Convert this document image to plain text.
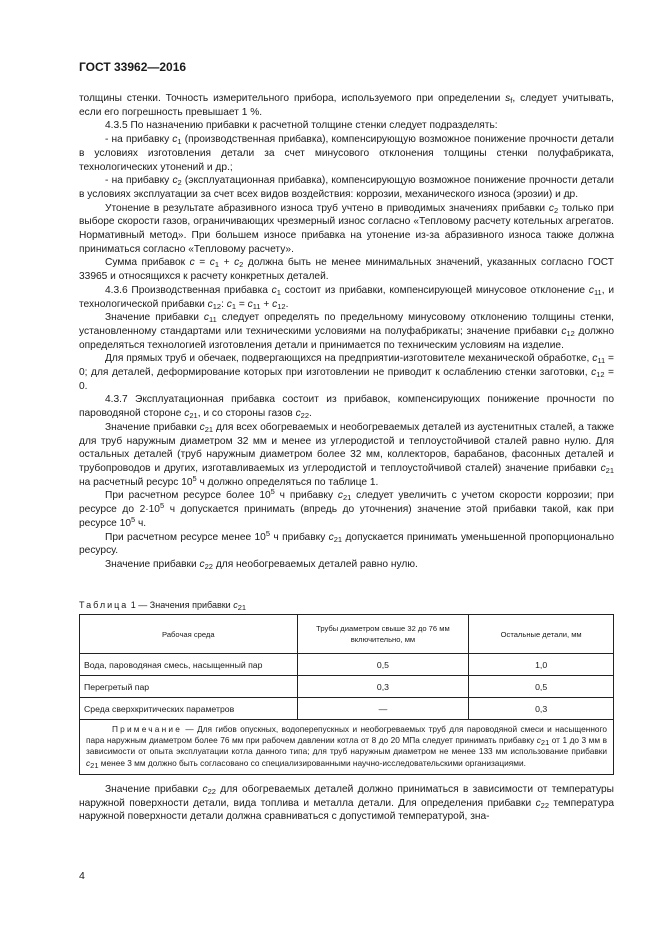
ГОСТ 33962—2016

толщины стенки. Точность измерительного прибора, используемого при определении $s_f$, следует учитывать, если его погрешность превышает 1 %.

4.3.5 По назначению прибавки к расчетной толщине стенки следует подразделять:

- на прибавку $c_1$ (производственная прибавка), компенсирующую возможное понижение прочности детали в условиях изготовления детали за счет минусового отклонения толщины стенки полуфабриката, технологических утонений и др.;

- на прибавку $c_2$ (эксплуатационная прибавка), компенсирующую возможное понижение прочности детали в условиях эксплуатации за счет всех видов воздействия: коррозии, механического износа (эрозии) и др.

Утонение в результате абразивного износа труб учтено в приводимых значениях прибавки $c_2$ только при выборе скорости газов, ограничивающих чрезмерный износ согласно «Тепловому расчету котельных агрегатов. Нормативный метод». При большем износе прибавка на утонение из-за абразивного износа также должна приниматься согласно «Тепловому расчету».

Сумма прибавок $c = c_1 + c_2$ должна быть не менее минимальных значений, указанных согласно ГОСТ 33965 и относящихся к расчету конкретных деталей.

4.3.6 Производственная прибавка $c_1$ состоит из прибавки, компенсирующей минусовое отклонение $c_{11}$, и технологической прибавки $c_{12}$: $c_1 = c_{11} + c_{12}$.

Значение прибавки $c_{11}$ следует определять по предельному минусовому отклонению толщины стенки, установленному стандартами или техническими условиями на полуфабрикаты; значение прибавки $c_{12}$ должно определяться технологией изготовления детали и принимается по техническим условиям на изделие.

Для прямых труб и обечаек, подвергающихся на предприятии-изготовителе механической обработке, $c_{11} = 0$; для деталей, деформирование которых при изготовлении не приводит к ослаблению стенки заготовки, $c_{12} = 0$.

4.3.7 Эксплуатационная прибавка состоит из прибавок, компенсирующих понижение прочности по пароводяной стороне $c_{21}$, и со стороны газов $c_{22}$.

Значение прибавки $c_{21}$ для всех обогреваемых и необогреваемых деталей из аустенитных сталей, а также для труб наружным диаметром 32 мм и менее из углеродистой и теплоустойчивой сталей равно нулю. Для остальных деталей (труб наружным диаметром более 32 мм, коллекторов, барабанов, фасонных деталей и трубопроводов и других, изготавливаемых из углеродистой и теплоустойчивой сталей) значение прибавки $c_{21}$ на расчетный ресурс $10^5$ ч должно определяться по таблице 1.

При расчетном ресурсе более $10^5$ ч прибавку $c_{21}$ следует увеличить с учетом скорости коррозии; при ресурсе до $2\cdot 10^5$ ч допускается принимать (впредь до уточнения) значение этой прибавки такой, как при ресурсе $10^5$ ч.

При расчетном ресурсе менее $10^5$ ч прибавку $c_{21}$ допускается принимать уменьшенной пропорционально ресурсу.

Значение прибавки $c_{22}$ для необогреваемых деталей равно нулю.

Таблица 1 — Значения прибавки $c_{21}$
Рабочая среда	Трубы диаметром свыше 32 до 76 мм включительно, мм	Остальные детали, мм
Вода, пароводяная смесь, насыщенный пар	0,5	1,0
Перегретый пар	0,3	0,5
Среда сверхкритических параметров	—	0,3
Примечание — Для гибов опускных, водоперепускных и необогреваемых труб для пароводяной смеси и насыщенного пара наружным диаметром более 76 мм при рабочем давлении котла от 8 до 20 МПа следует принимать прибавку c21 от 1 до 3 мм в зависимости от опыта эксплуатации котла данного типа; для труб наружным диаметром не менее 133 мм использование прибавки c21 менее 3 мм должно быть согласовано со специализированными научно-исследовательскими организациями.		

Значение прибавки $c_{22}$ для обогреваемых деталей должно приниматься в зависимости от температуры наружной поверхности детали, вида топлива и металла детали. Для определения прибавки $c_{22}$ температура наружной поверхности детали должна сравниваться с допустимой температурой, зна-

4
